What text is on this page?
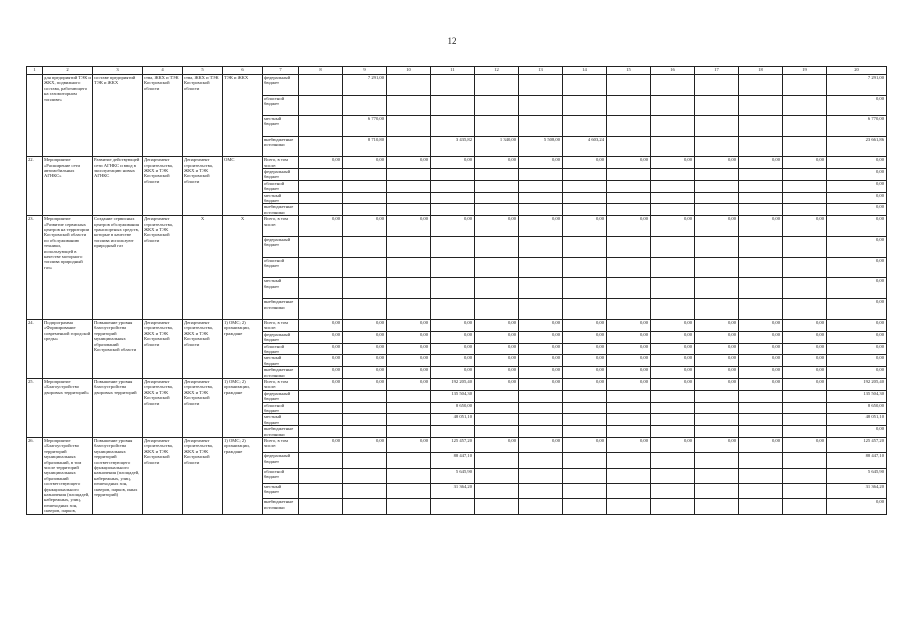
12
1	2	3	4	5	6	7	8	9	10	11	12	13	14	15	16	17	18	19	20	
	для предприятий ТЭК и ЖКХ, подвижного состава, работающего на газомоторном топливе»	составе предприятий ТЭК и ЖКХ	ства, ЖКХ и ТЭК Костромской области	ства, ЖКХ и ТЭК Костромской области	ТЭК и ЖКХ	федеральный бюджет		7 291,00											7 291,00	
						областной бюджет													0,00	
						местный бюджет		6 770,00											6 770,00	
						внебюджетные источники		8 710,80		3 435,82	1 340,00	5 508,00	4 603,24						23 661,86	
22.	Мероприятие «Расширение сети автомобильных АГНКС»	Развитие действующей сети АГНКС и ввод в эксплуатацию новых АГНКС	Департамент строительства, ЖКХ и ТЭК Костромской области	Департамент строительства, ЖКХ и ТЭК Костромской области	ОМС	Всего, в том числе:	0,00	0,00	0,00	0,00	0,00	0,00	0,00	0,00	0,00	0,00	0,00	0,00	0,00	
						федеральный бюджет													0,00	
						областной бюджет													0,00	
						местный бюджет													0,00	
						внебюджетные источники													0,00	
23.	Мероприятие «Развитие сервисных центров на территории Костромской области по обслуживанию техники, использующей в качестве моторного топлива природный газ»	Создание сервисных центров обслуживания транспортных средств, которые в качестве топлива используют природный газ	Департамент строительства, ЖКХ и ТЭК Костромской области	Х	Х	Всего, в том числе:	0,00	0,00	0,00	0,00	0,00	0,00	0,00	0,00	0,00	0,00	0,00	0,00	0,00	
						федеральный бюджет													0,00	
						областной бюджет													0,00	
						местный бюджет													0,00	
						внебюджетные источники													0,00	
24.	Подпрограмма «Формирование современной городской среды»	Повышение уровня благоустройства территорий муниципальных образований Костромской области	Департамент строительства, ЖКХ и ТЭК Костромской области	Департамент строительства, ЖКХ и ТЭК Костромской области	1) ОМС; 2) организации, граждане	Всего, в том числе:	0,00	0,00	0,00	0,00	0,00	0,00	0,00	0,00	0,00	0,00	0,00	0,00	0,00	
						федеральный бюджет	0,00	0,00	0,00	0,00	0,00	0,00	0,00	0,00	0,00	0,00	0,00	0,00	0,00	
						областной бюджет	0,00	0,00	0,00	0,00	0,00	0,00	0,00	0,00	0,00	0,00	0,00	0,00	0,00	
						местный бюджет	0,00	0,00	0,00	0,00	0,00	0,00	0,00	0,00	0,00	0,00	0,00	0,00	0,00	
						внебюджетные источники	0,00	0,00	0,00	0,00	0,00	0,00	0,00	0,00	0,00	0,00	0,00	0,00	0,00	
25.	Мероприятие «Благоустройство дворовых территорий»	Повышение уровня благоустройства дворовых территорий	Департамент строительства, ЖКХ и ТЭК Костромской области	Департамент строительства, ЖКХ и ТЭК Костромской области	1) ОМС; 2) организации, граждане	Всего, в том числе:	0,00	0,00	0,00	192 205,40	0,00	0,00	0,00	0,00	0,00	0,00	0,00	0,00	192 205,40	
						федеральный бюджет				135 504,30									135 504,30	
						областной бюджет				8 650,00									8 650,00	
						местный бюджет				48 051,10									48 051,10	
						внебюджетные источники													0,00	
26.	Мероприятие «Благоустройство территорий муниципальных образований, в том числе территорий муниципальных образований соответствующего функционального назначения (площадей, набережных, улиц, пешеходных зон, скверов, парков,	Повышение уровня благоустройства муниципальных территорий соответствующего функционального назначения (площадей, набережных, улиц, пешеходных зон, скверов, парков, иных территорий)	Департамент строительства, ЖКХ и ТЭК Костромской области	Департамент строительства, ЖКХ и ТЭК Костромской области	1) ОМС; 2) организации, граждане	Всего, в том числе:	0,00	0,00	0,00	125 457,20	0,00	0,00	0,00	0,00	0,00	0,00	0,00	0,00	125 457,20	
						федеральный бюджет				88 447,10									88 447,10	
						областной бюджет				5 645,90									5 645,90	
						местный бюджет				31 364,20									31 364,20	
						внебюджетные источники													0,00	
